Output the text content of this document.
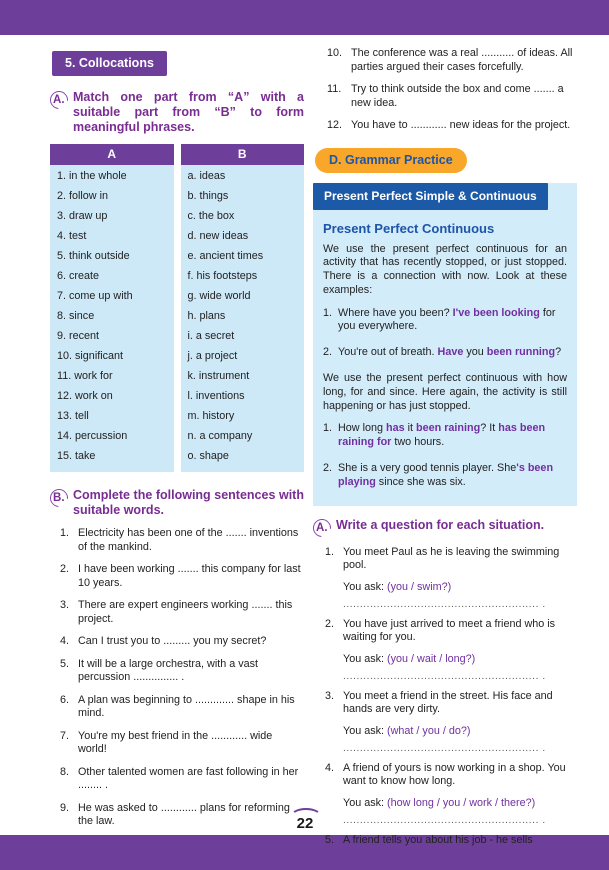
5. Collocations
A. Match one part from “A” with a suitable part from “B” to form meaningful phrases.
A
1. in the whole
2. follow in
3. draw up
4. test
5. think outside
6. create
7. come up with
8. since
9. recent
10. significant
11. work for
12. work on
13. tell
14. percussion
15. take
B
a. ideas
b. things
c. the box
d. new ideas
e. ancient times
f. his footsteps
g. wide world
h. plans
i. a secret
j. a project
k. instrument
l. inventions
m. history
n. a company
o. shape
B. Complete the following sentences with suitable words.
1. Electricity has been one of the ....... inventions of the mankind.
2. I have been working ....... this company for last 10 years.
3. There are expert engineers working ....... this project.
4. Can I trust you to ......... you my secret?
5. It will be a large orchestra, with a vast percussion ............... .
6. A plan was beginning to ............. shape in his mind.
7. You're my best friend in the ............ wide world!
8. Other talented women are fast following in her ........ .
9. He was asked to ............ plans for reforming the law.
10. The conference was a real ........... of ideas. All parties argued their cases forcefully.
11. Try to think outside the box and come ....... a new idea.
12. You have to ............ new ideas for the project.
D. Grammar Practice
Present Perfect Simple & Continuous
Present Perfect Continuous
We use the present perfect continuous for an activity that has recently stopped, or just stopped. There is a connection with now. Look at these examples:
1. Where have you been? I've been looking for you everywhere.
2. You're out of breath. Have you been running?
We use the present perfect continuous with how long, for and since. Here again, the activity is still happening or has just stopped.
1. How long has it been raining? It has been raining for two hours.
2. She is a very good tennis player. She's been playing since she was six.
A. Write a question for each situation.
1. You meet Paul as he is leaving the swimming pool.
You ask: (you / swim?)
.......................................................... .
2. You have just arrived to meet a friend who is waiting for you.
You ask: (you / wait / long?)
.......................................................... .
3. You meet a friend in the street. His face and hands are very dirty.
You ask: (what / you / do?)
.......................................................... .
4. A friend of yours is now working in a shop. You want to know how long.
You ask: (how long / you / work / there?)
.......................................................... .
5. A friend tells you about his job - he sells
22
